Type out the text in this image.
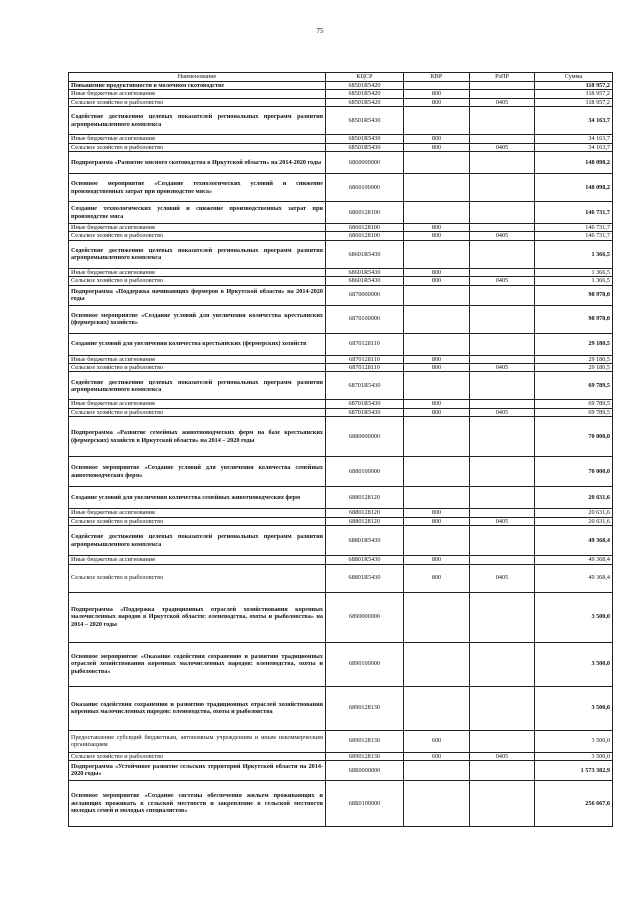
75
Наименование	КЦСР	КВР	РзПР	Сумма
Повышение продуктивности в молочном скотоводстве	68501R5420			118 957,2
Иные бюджетные ассигнования	68501R5420	800		118 957,2
Сельское хозяйство и рыболовство	68501R5420	800	0405	118 957,2
Содействие достижению целевых показателей региональных программ развития агропромышленного комплекса	68501R5430			34 163,7
Иные бюджетные ассигнования	68501R5430	800		34 163,7
Сельское хозяйство и рыболовство	68501R5430	800	0405	34 163,7
Подпрограмма «Развитие мясного скотоводства в Иркутской области» на 2014-2020 годы	6860000000			148 098,2
Основное мероприятие «Создание технологических условий и снижение производственных затрат при производстве мяса»	6860100000			148 098,2
Создание технологических условий и снижение производственных затрат при производстве мяса	6860128100			146 731,7
Иные бюджетные ассигнования	6860128100	800		146 731,7
Сельское хозяйство и рыболовство	6860128100	800	0405	146 731,7
Содействие достижению целевых показателей региональных программ развития агропромышленного комплекса	68601R5430			1 366,5
Иные бюджетные ассигнования	68601R5430	800		1 366,5
Сельское хозяйство и рыболовство	68601R5430	800	0405	1 366,5
Подпрограмма «Поддержка начинающих фермеров в Иркутской области» на 2014-2020 годы	6870000000			98 970,0
Основное мероприятие «Создание условий для увеличения количества крестьянских (фермерских) хозяйств»	6870100000			98 970,0
Создание условий для увеличения количества крестьянских (фермерских) хозяйств	6870128110			29 180,5
Иные бюджетные ассигнования	6870128110	800		29 180,5
Сельское хозяйство и рыболовство	6870128110	800	0405	29 180,5
Содействие достижению целевых показателей региональных программ развития агропромышленного комплекса	68701R5430			69 789,5
Иные бюджетные ассигнования	68701R5430	800		69 789,5
Сельское хозяйство и рыболовство	68701R5430	800	0405	69 789,5
Подпрограмма «Развитие семейных животноводческих ферм на базе крестьянских (фермерских) хозяйств в Иркутской области» на 2014 – 2020 годы	6880000000			70 000,0
Основное мероприятие «Создание условий для увеличения количества семейных животноводческих ферм»	6880100000			70 000,0
Создание условий для увеличения количества семейных животноводческих ферм	6880128120			20 631,6
Иные бюджетные ассигнования	6880128120	800		20 631,6
Сельское хозяйство и рыболовство	6880128120	800	0405	20 631,6
Содействие достижению целевых показателей региональных программ развития агропромышленного комплекса	68801R5430			49 368,4
Иные бюджетные ассигнования	68801R5430	800		49 368,4
Сельское хозяйство и рыболовство	68801R5430	800	0405	49 368,4
Подпрограмма «Поддержка традиционных отраслей хозяйствования коренных малочисленных народов в Иркутской области: оленеводства, охоты и рыболовства» на 2014 – 2020 годы	6890000000			3 500,0
Основное мероприятие «Оказание содействия сохранению и развитию традиционных отраслей хозяйствования коренных малочисленных народов: оленеводства, охоты и рыболовства»	6890100000			3 500,0
Оказание содействия сохранению и развитию традиционных отраслей хозяйствования коренных малочисленных народов: оленеводства, охоты и рыболовства	6890128130			3 500,0
Предоставление субсидий бюджетным, автономным учреждениям и иным некоммерческим организациям	6890128130	600		3 500,0
Сельское хозяйство и рыболовство	6890128130	600	0405	3 500,0
Подпрограмма «Устойчивое развитие сельских территорий Иркутской области на 2014-2020 годы»	68Б0000000			1 573 382,9
Основное мероприятие «Создание системы обеспечения жильем проживающих и желающих проживать в сельской местности и закрепление в сельской местности молодых семей и молодых специалистов»	68Б0100000			256 667,0
